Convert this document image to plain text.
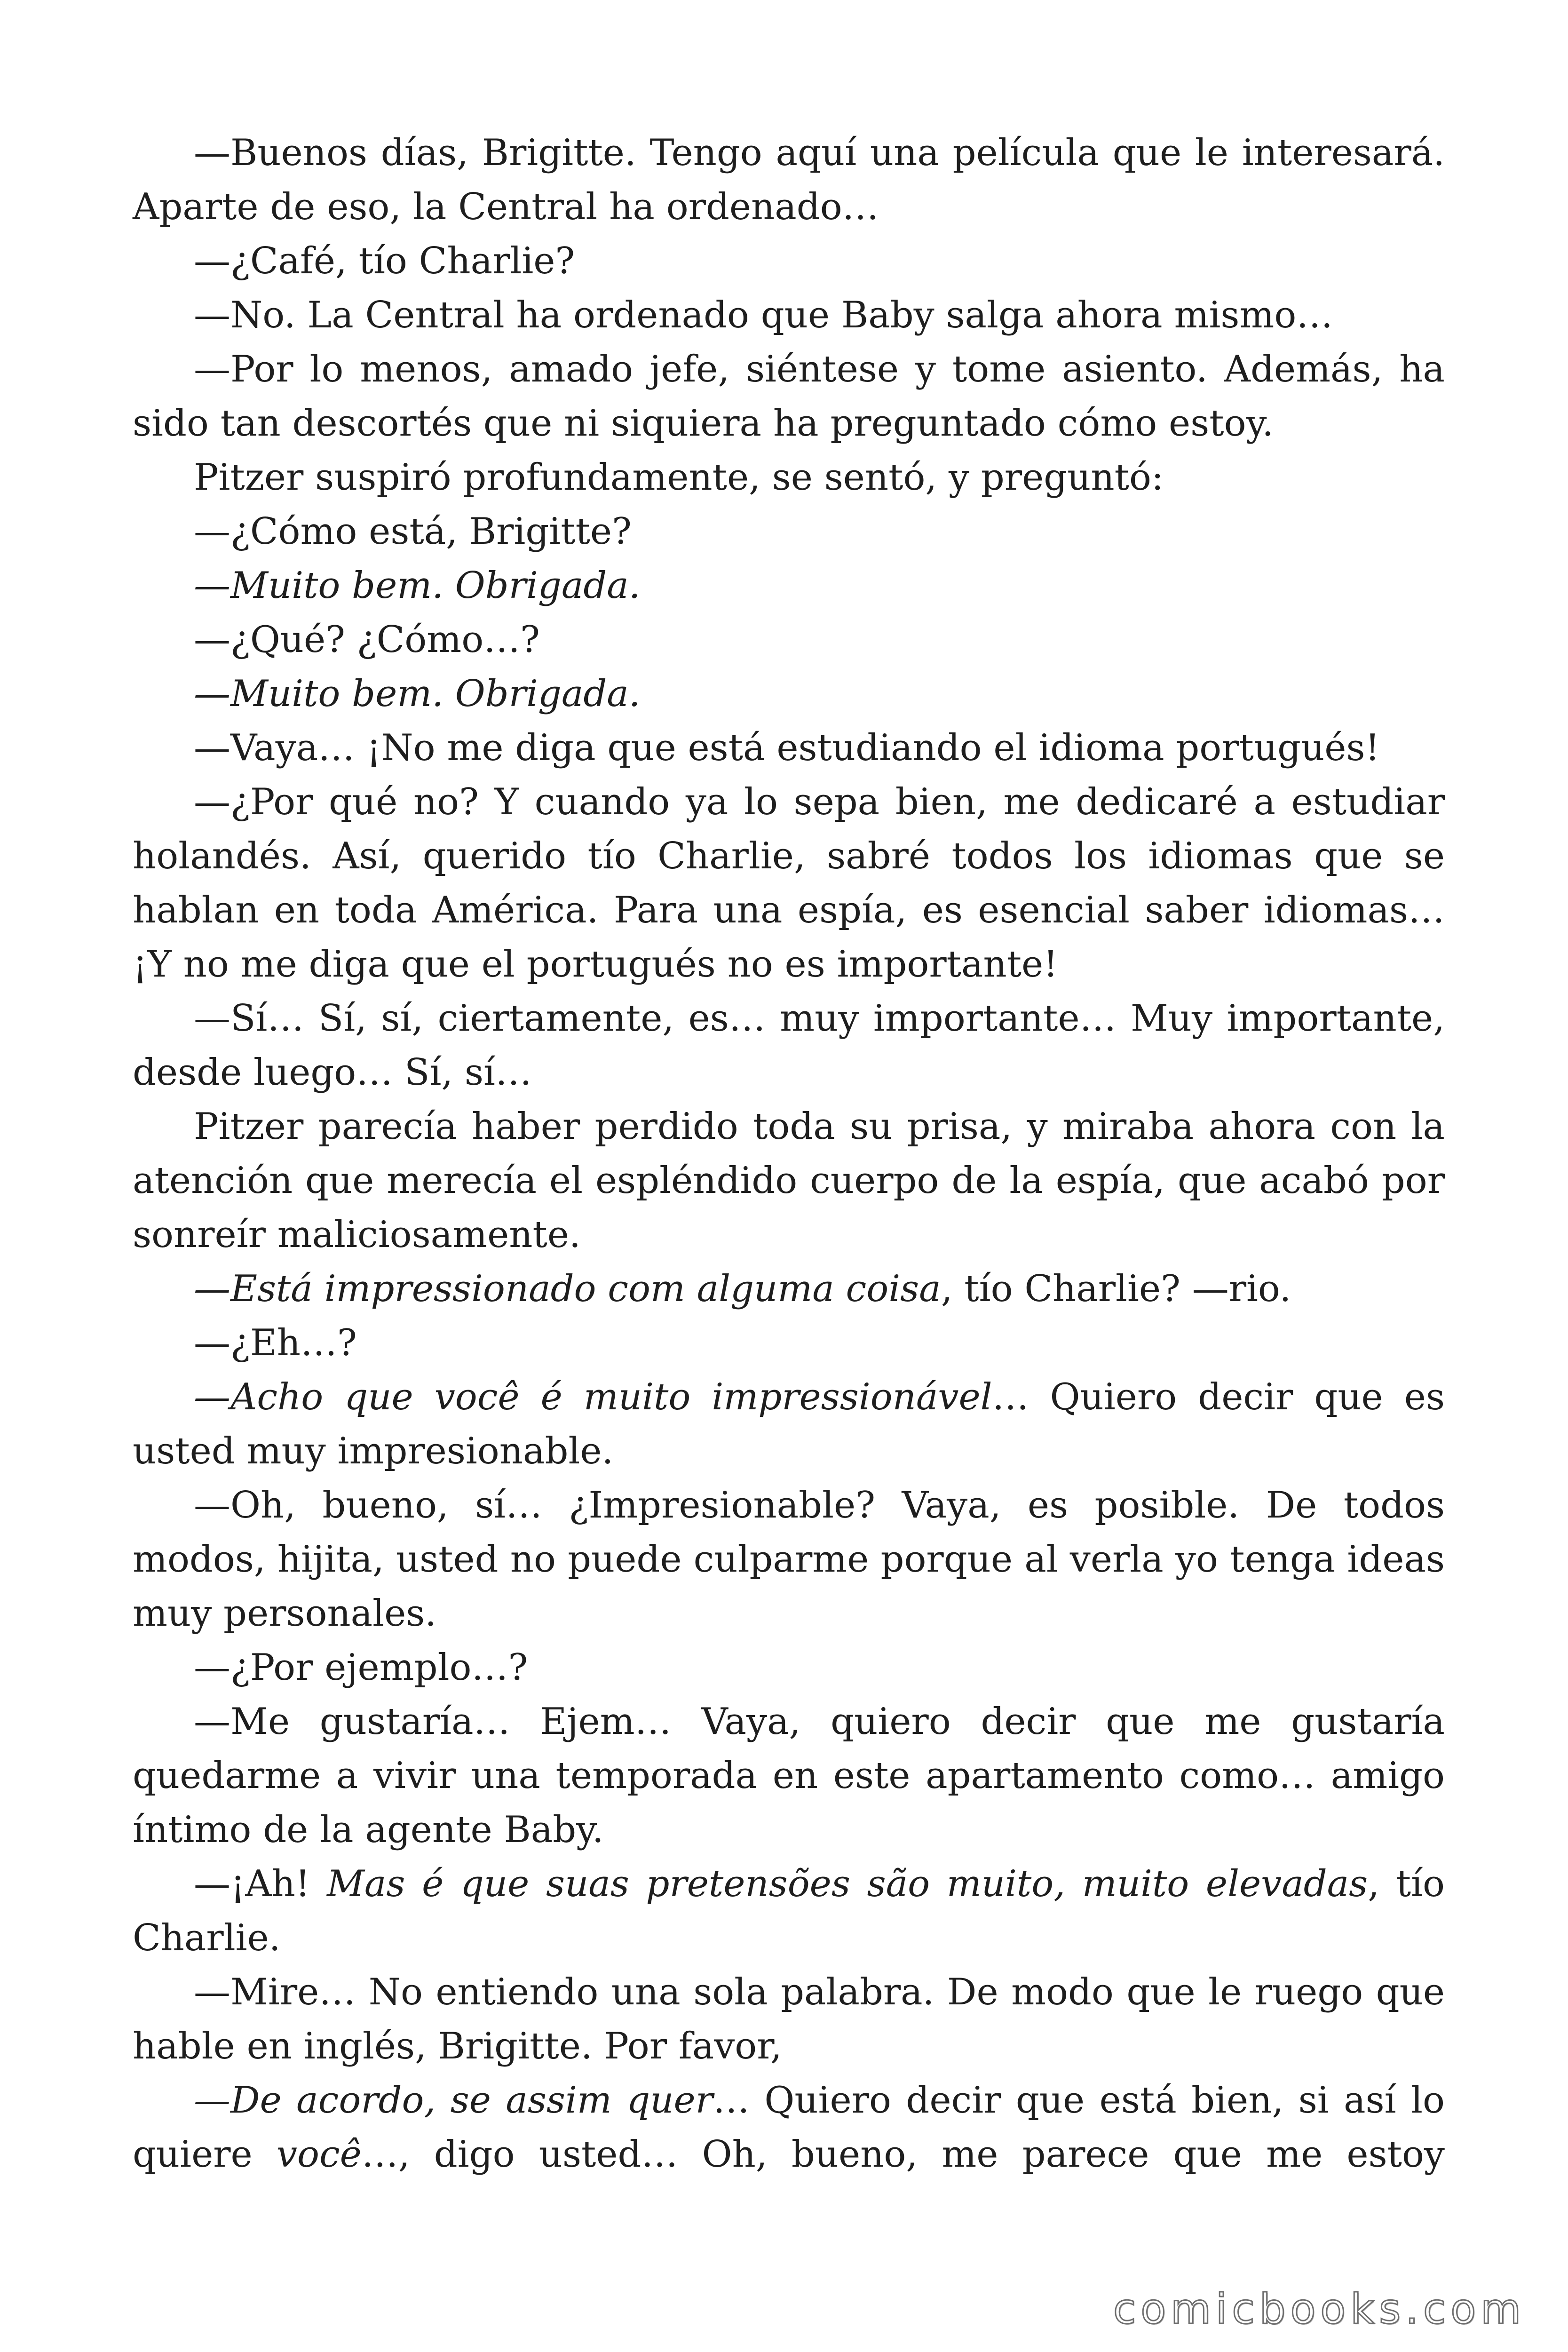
—Buenos días, Brigitte. Tengo aquí una película que le interesará. Aparte de eso, la Central ha ordenado…

—¿Café, tío Charlie?

—No. La Central ha ordenado que Baby salga ahora mismo…

—Por lo menos, amado jefe, siéntese y tome asiento. Además, ha sido tan descortés que ni siquiera ha preguntado cómo estoy.

Pitzer suspiró profundamente, se sentó, y preguntó:

—¿Cómo está, Brigitte?

—Muito bem. Obrigada.

—¿Qué? ¿Cómo…?

—Muito bem. Obrigada.

—Vaya… ¡No me diga que está estudiando el idioma portugués!

—¿Por qué no? Y cuando ya lo sepa bien, me dedicaré a estudiar holandés. Así, querido tío Charlie, sabré todos los idiomas que se hablan en toda América. Para una espía, es esencial saber idiomas… ¡Y no me diga que el portugués no es importante!

—Sí… Sí, sí, ciertamente, es… muy importante… Muy importante, desde luego… Sí, sí…

Pitzer parecía haber perdido toda su prisa, y miraba ahora con la atención que merecía el espléndido cuerpo de la espía, que acabó por sonreír maliciosamente.

—Está impressionado com alguma coisa, tío Charlie? —rio.

—¿Eh…?

—Acho que você é muito impressionável… Quiero decir que es usted muy impresionable.

—Oh, bueno, sí… ¿Impresionable? Vaya, es posible. De todos modos, hijita, usted no puede culparme porque al verla yo tenga ideas muy personales.

—¿Por ejemplo…?

—Me gustaría… Ejem… Vaya, quiero decir que me gustaría quedarme a vivir una temporada en este apartamento como… amigo íntimo de la agente Baby.

—¡Ah! Mas é que suas pretensões são muito, muito elevadas, tío Charlie.

—Mire… No entiendo una sola palabra. De modo que le ruego que hable en inglés, Brigitte. Por favor,

—De acordo, se assim quer… Quiero decir que está bien, si así lo quiere você…, digo usted… Oh, bueno, me parece que me estoy

comicbooks.com
